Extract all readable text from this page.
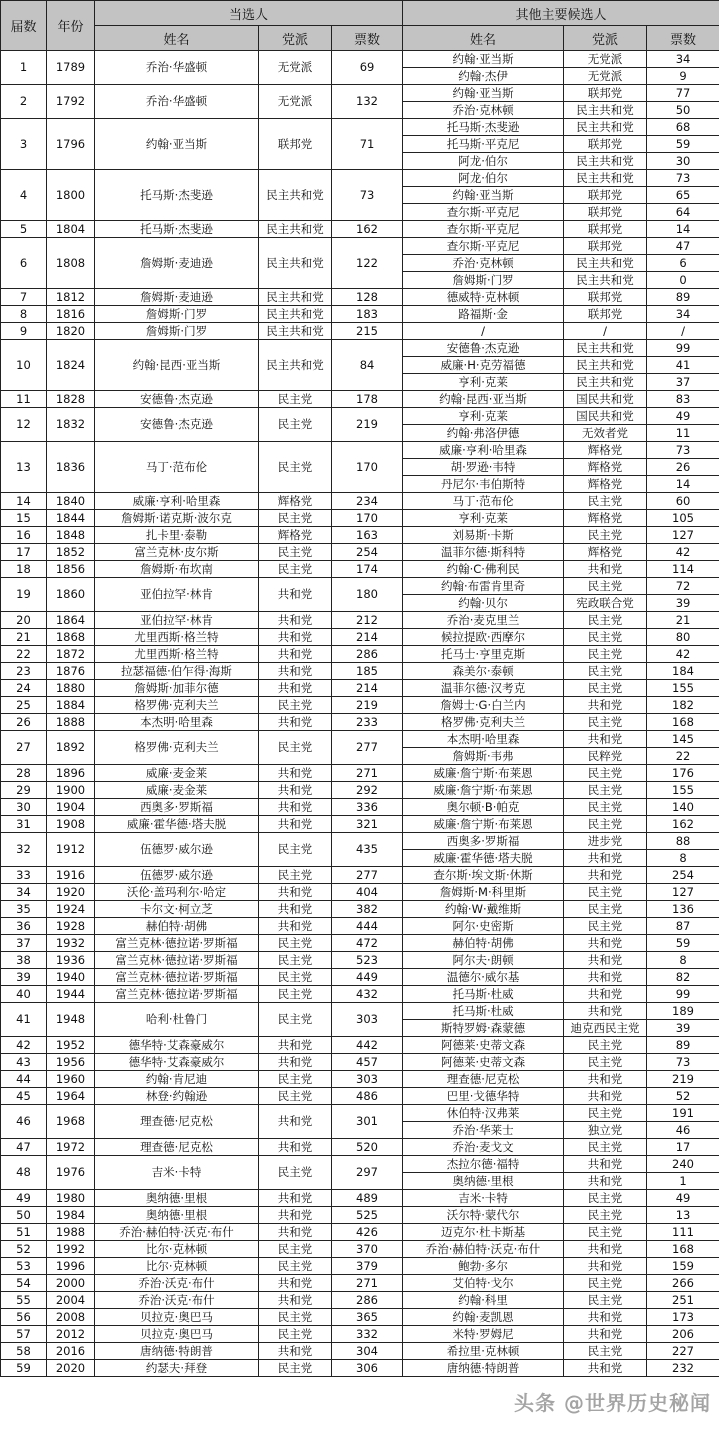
届数	年份	当选人			其他主要候选人		
		姓名	党派	票数	姓名	党派	票数
1	1789	乔治·华盛顿	无党派	69	约翰·亚当斯	无党派	34
					约翰·杰伊	无党派	9
2	1792	乔治·华盛顿	无党派	132	约翰·亚当斯	联邦党	77
					乔治·克林顿	民主共和党	50
3	1796	约翰·亚当斯	联邦党	71	托马斯·杰斐逊	民主共和党	68
					托马斯·平克尼	联邦党	59
					阿龙·伯尔	民主共和党	30
4	1800	托马斯·杰斐逊	民主共和党	73	阿龙·伯尔	民主共和党	73
					约翰·亚当斯	联邦党	65
					查尔斯·平克尼	联邦党	64
5	1804	托马斯·杰斐逊	民主共和党	162	查尔斯·平克尼	联邦党	14
6	1808	詹姆斯·麦迪逊	民主共和党	122	查尔斯·平克尼	联邦党	47
					乔治·克林顿	民主共和党	6
					詹姆斯·门罗	民主共和党	0
7	1812	詹姆斯·麦迪逊	民主共和党	128	德威特·克林顿	联邦党	89
8	1816	詹姆斯·门罗	民主共和党	183	路福斯·金	联邦党	34
9	1820	詹姆斯·门罗	民主共和党	215	/	/	/
10	1824	约翰·昆西·亚当斯	民主共和党	84	安德鲁·杰克逊	民主共和党	99
					威廉·H·克劳福德	民主共和党	41
					亨利·克莱	民主共和党	37
11	1828	安德鲁·杰克逊	民主党	178	约翰·昆西·亚当斯	国民共和党	83
12	1832	安德鲁·杰克逊	民主党	219	亨利·克莱	国民共和党	49
					约翰·弗洛伊德	无效者党	11
13	1836	马丁·范布伦	民主党	170	威廉·亨利·哈里森	辉格党	73
					胡·罗逊·韦特	辉格党	26
					丹尼尔·韦伯斯特	辉格党	14
14	1840	威廉·亨利·哈里森	辉格党	234	马丁·范布伦	民主党	60
15	1844	詹姆斯·诺克斯·波尔克	民主党	170	亨利·克莱	辉格党	105
16	1848	扎卡里·泰勒	辉格党	163	刘易斯·卡斯	民主党	127
17	1852	富兰克林·皮尔斯	民主党	254	温菲尔德·斯科特	辉格党	42
18	1856	詹姆斯·布坎南	民主党	174	约翰·C·佛利民	共和党	114
19	1860	亚伯拉罕·林肯	共和党	180	约翰·布雷肯里奇	民主党	72
					约翰·贝尔	宪政联合党	39
20	1864	亚伯拉罕·林肯	共和党	212	乔治·麦克里兰	民主党	21
21	1868	尤里西斯·格兰特	共和党	214	候拉提欧·西摩尔	民主党	80
22	1872	尤里西斯·格兰特	共和党	286	托马士·亨里克斯	民主党	42
23	1876	拉瑟福德·伯乍得·海斯	共和党	185	森美尔·泰顿	民主党	184
24	1880	詹姆斯·加菲尔德	共和党	214	温菲尔德·汉考克	民主党	155
25	1884	格罗佛·克利夫兰	民主党	219	詹姆士·G·白兰内	共和党	182
26	1888	本杰明·哈里森	共和党	233	格罗佛·克利夫兰	民主党	168
27	1892	格罗佛·克利夫兰	民主党	277	本杰明·哈里森	共和党	145
					詹姆斯·韦弗	民粹党	22
28	1896	威廉·麦金莱	共和党	271	威廉·詹宁斯·布莱恩	民主党	176
29	1900	威廉·麦金莱	共和党	292	威廉·詹宁斯·布莱恩	民主党	155
30	1904	西奥多·罗斯福	共和党	336	奥尔顿·B·帕克	民主党	140
31	1908	威廉·霍华德·塔夫脱	共和党	321	威廉·詹宁斯·布莱恩	民主党	162
32	1912	伍德罗·威尔逊	民主党	435	西奥多·罗斯福	进步党	88
					威廉·霍华德·塔夫脱	共和党	8
33	1916	伍德罗·威尔逊	民主党	277	查尔斯·埃文斯·休斯	共和党	254
34	1920	沃伦·盖玛利尔·哈定	共和党	404	詹姆斯·M·科里斯	民主党	127
35	1924	卡尔文·柯立芝	共和党	382	约翰·W·戴维斯	民主党	136
36	1928	赫伯特·胡佛	共和党	444	阿尔·史密斯	民主党	87
37	1932	富兰克林·德拉诺·罗斯福	民主党	472	赫伯特·胡佛	共和党	59
38	1936	富兰克林·德拉诺·罗斯福	民主党	523	阿尔夫·朗顿	共和党	8
39	1940	富兰克林·德拉诺·罗斯福	民主党	449	温德尔·威尔基	共和党	82
40	1944	富兰克林·德拉诺·罗斯福	民主党	432	托马斯·杜威	共和党	99
41	1948	哈利·杜鲁门	民主党	303	托马斯·杜威	共和党	189
					斯特罗姆·森蒙德	迪克西民主党	39
42	1952	德华特·艾森豪威尔	共和党	442	阿德莱·史蒂文森	民主党	89
43	1956	德华特·艾森豪威尔	共和党	457	阿德莱·史蒂文森	民主党	73
44	1960	约翰·肯尼迪	民主党	303	理查德·尼克松	共和党	219
45	1964	林登·约翰逊	民主党	486	巴里·戈德华特	共和党	52
46	1968	理查德·尼克松	共和党	301	休伯特·汉弗莱	民主党	191
					乔治·华莱士	独立党	46
47	1972	理查德·尼克松	共和党	520	乔治·麦戈文	民主党	17
48	1976	吉米·卡特	民主党	297	杰拉尔德·福特	共和党	240
					奥纳德·里根	共和党	1
49	1980	奥纳德·里根	共和党	489	吉米·卡特	民主党	49
50	1984	奥纳德·里根	共和党	525	沃尔特·蒙代尔	民主党	13
51	1988	乔治·赫伯特·沃克·布什	共和党	426	迈克尔·杜卡斯基	民主党	111
52	1992	比尔·克林顿	民主党	370	乔治·赫伯特·沃克·布什	共和党	168
53	1996	比尔·克林顿	民主党	379	鲍勃·多尔	共和党	159
54	2000	乔治·沃克·布什	共和党	271	艾伯特·戈尔	民主党	266
55	2004	乔治·沃克·布什	共和党	286	约翰·科里	民主党	251
56	2008	贝拉克·奥巴马	民主党	365	约翰·麦凯恩	共和党	173
57	2012	贝拉克·奥巴马	民主党	332	米特·罗姆尼	共和党	206
58	2016	唐纳德·特朗普	共和党	304	希拉里·克林顿	民主党	227
59	2020	约瑟夫·拜登	民主党	306	唐纳德·特朗普	共和党	232
头条 @世界历史秘闻
